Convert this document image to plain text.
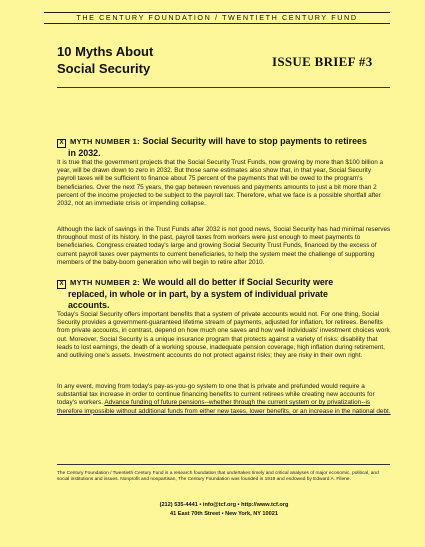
THE CENTURY FOUNDATION / TWENTIETH CENTURY FUND
10 Myths About
Social Security	ISSUE BRIEF #3
X MYTH NUMBER 1: Social Security will have to stop payments to retirees
in 2032.

It is true that the government projects that the Social Security Trust Funds, now growing by more than $100 billion a year, will be drawn down to zero in 2032. But those same estimates also show that, in that year, Social Security payroll taxes will be sufficient to finance about 75 percent of the payments that will be owed to the program's beneficiaries. Over the next 75 years, the gap between revenues and payments amounts to just a bit more than 2 percent of the income projected to be subject to the payroll tax. Therefore, what we face is a possible shortfall after 2032, not an immediate crisis or impending collapse.

Although the lack of savings in the Trust Funds after 2032 is not good news, Social Security has had minimal reserves throughout most of its history. In the past, payroll taxes from workers were just enough to meet payments to beneficiaries. Congress created today's large and growing Social Security Trust Funds, financed by the excess of current payroll taxes over payments to current beneficiaries, to help the system meet the challenge of supporting members of the baby-boom generation who will begin to retire after 2010.

X MYTH NUMBER 2: We would all do better if Social Security were
replaced, in whole or in part, by a system of individual private
accounts.

Today's Social Security offers important benefits that a system of private accounts would not. For one thing, Social Security provides a government-guaranteed lifetime stream of payments, adjusted for inflation, for retirees. Benefits from private accounts, in contrast, depend on how much one saves and how well individuals' investment choices work out. Moreover, Social Security is a unique insurance program that protects against a variety of risks: disability that leads to lost earnings, the death of a working spouse, inadequate pension coverage, high inflation during retirement, and outliving one's assets. Investment accounts do not protect against risks; they are risky in their own right.

In any event, moving from today's pay-as-you-go system to one that is private and prefunded would require a substantial tax increase in order to continue financing benefits to current retirees while creating new accounts for today's workers. Advance funding of future pensions--whether through the current system or by privatization--is therefore impossible without additional funds from either new taxes, lower benefits, or an increase in the national debt.

The Century Foundation / Twentieth Century Fund is a research foundation that undertakes timely and critical analyses of major economic, political, and social institutions and issues. Nonprofit and nonpartisan, The Century Foundation was founded in 1919 and endowed by Edward A. Filene.
(212) 535-4441 • info@tcf.org • http://www.tcf.org
41 East 70th Street • New York, NY 10021
